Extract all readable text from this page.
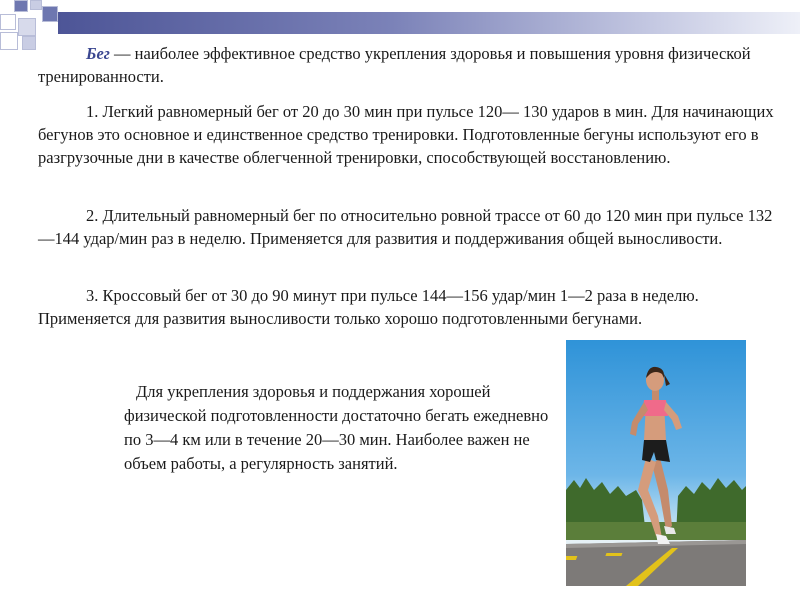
Бег — наиболее эффективное средство укрепления здоровья и повышения уровня физической тренированности.

1. Легкий равномерный бег от 20 до 30 мин при пульсе 120— 130 ударов в мин. Для начинающих бегунов это основное и единственное средство тренировки. Подготовленные бегуны используют его в разгрузочные дни в качестве облегченной тренировки, способствующей восстановлению.

2. Длительный равномерный бег по относительно ровной трассе от 60 до 120 мин при пульсе 132—144 удар/мин раз в неделю. Применяется для развития и поддерживания общей выносливости.

3. Кроссовый бег от 30 до 90 минут при пульсе 144—156 удар/мин 1—2 раза в неделю. Применяется для развития выносливости только хорошо подготовленными бегунами.

Для укрепления здоровья и поддержания хорошей физической подготовленности достаточно бегать ежедневно по 3—4 км или в течение 20—30 мин. Наиболее важен не объем работы, а регулярность занятий.
